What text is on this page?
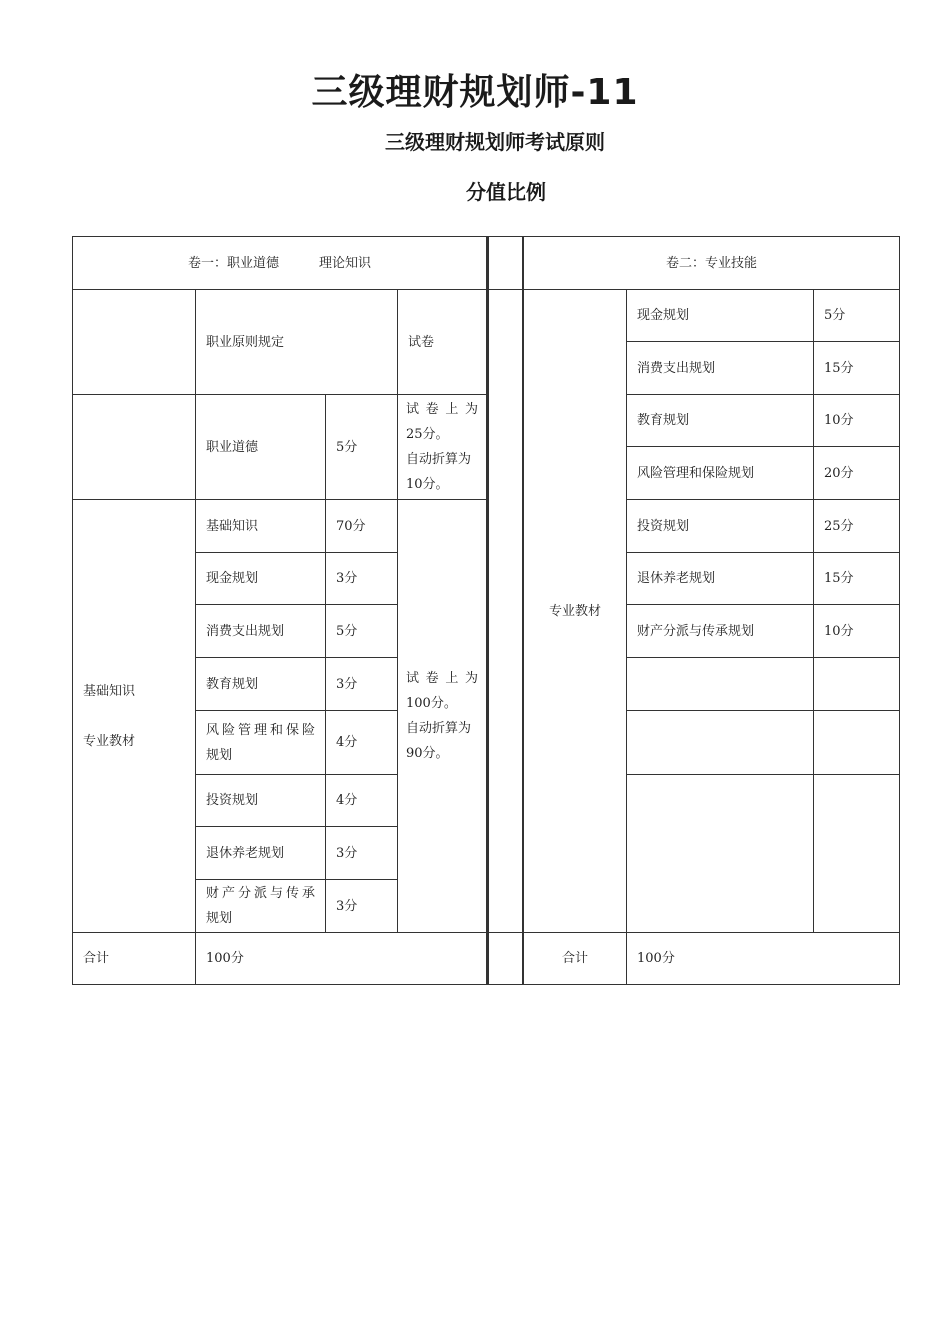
三级理财规划师-11
三级理财规划师考试原则
分值比例
卷一：职业道德	理论知识
职业原则规定	试卷
职业道德	5分
试 卷 上 为
25分。
自动折算为
10分。
基础知识
专业教材
基础知识	70分
现金规划	3分
消费支出规划	5分
教育规划	3分
风险管理和保险
规划
4分
投资规划	4分
退休养老规划	3分
财产分派与传承
规划
3分
试 卷 上 为
100分。
自动折算为
90分。
合计	100分
卷二：专业技能
专业教材
现金规划	5分
消费支出规划	15分
教育规划	10分
风险管理和保险规划	20分
投资规划	25分
退休养老规划	15分
财产分派与传承规划	10分
合计	100分
